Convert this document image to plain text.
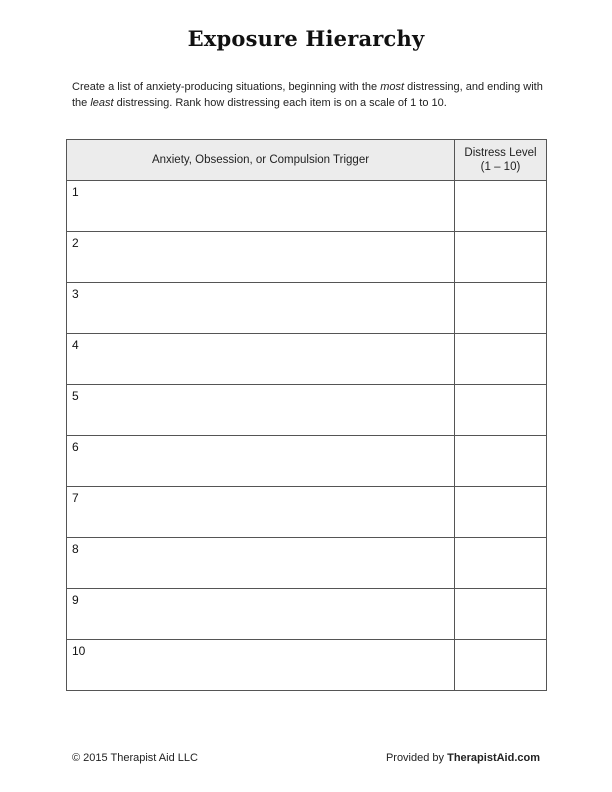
Exposure Hierarchy
Create a list of anxiety-producing situations, beginning with the most distressing, and ending with the least distressing. Rank how distressing each item is on a scale of 1 to 10.
Anxiety, Obsession, or Compulsion Trigger	Distress Level
(1 – 10)

1	
2	
3	
4	
5	
6	
7	
8	
9	
10	
© 2015 Therapist Aid LLC	Provided by TherapistAid.com
